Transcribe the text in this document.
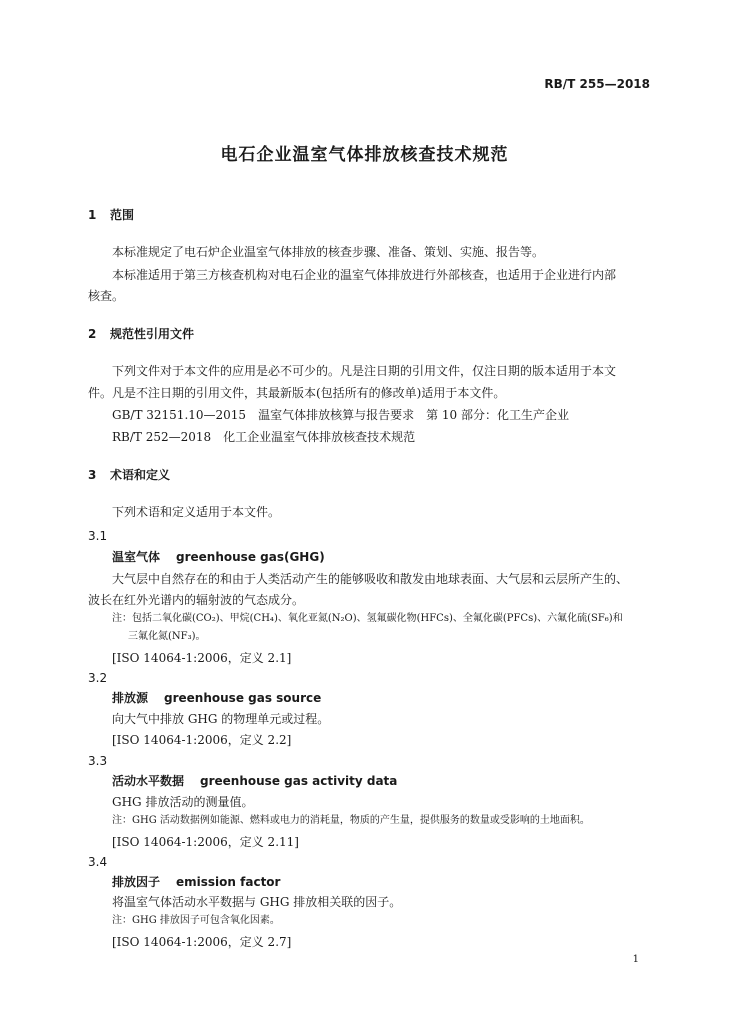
RB/T 255—2018
电石企业温室气体排放核查技术规范
1 范围
本标准规定了电石炉企业温室气体排放的核查步骤、准备、策划、实施、报告等。
本标准适用于第三方核查机构对电石企业的温室气体排放进行外部核查，也适用于企业进行内部
核查。
2 规范性引用文件
下列文件对于本文件的应用是必不可少的。凡是注日期的引用文件，仅注日期的版本适用于本文
件。凡是不注日期的引用文件，其最新版本(包括所有的修改单)适用于本文件。
GB/T 32151.10—2015　温室气体排放核算与报告要求　第 10 部分：化工生产企业
RB/T 252—2018　化工企业温室气体排放核查技术规范
3 术语和定义
下列术语和定义适用于本文件。
3.1
温室气体 greenhouse gas(GHG)
大气层中自然存在的和由于人类活动产生的能够吸收和散发由地球表面、大气层和云层所产生的、
波长在红外光谱内的辐射波的气态成分。
注：包括二氧化碳(CO₂)、甲烷(CH₄)、氧化亚氮(N₂O)、氢氟碳化物(HFCs)、全氟化碳(PFCs)、六氟化硫(SF₆)和
三氟化氮(NF₃)。
[ISO 14064-1:2006，定义 2.1]
3.2
排放源 greenhouse gas source
向大气中排放 GHG 的物理单元或过程。
[ISO 14064-1:2006，定义 2.2]
3.3
活动水平数据 greenhouse gas activity data
GHG 排放活动的测量值。
注：GHG 活动数据例如能源、燃料或电力的消耗量，物质的产生量，提供服务的数量或受影响的土地面积。
[ISO 14064-1:2006，定义 2.11]
3.4
排放因子 emission factor
将温室气体活动水平数据与 GHG 排放相关联的因子。
注：GHG 排放因子可包含氧化因素。
[ISO 14064-1:2006，定义 2.7]
1
